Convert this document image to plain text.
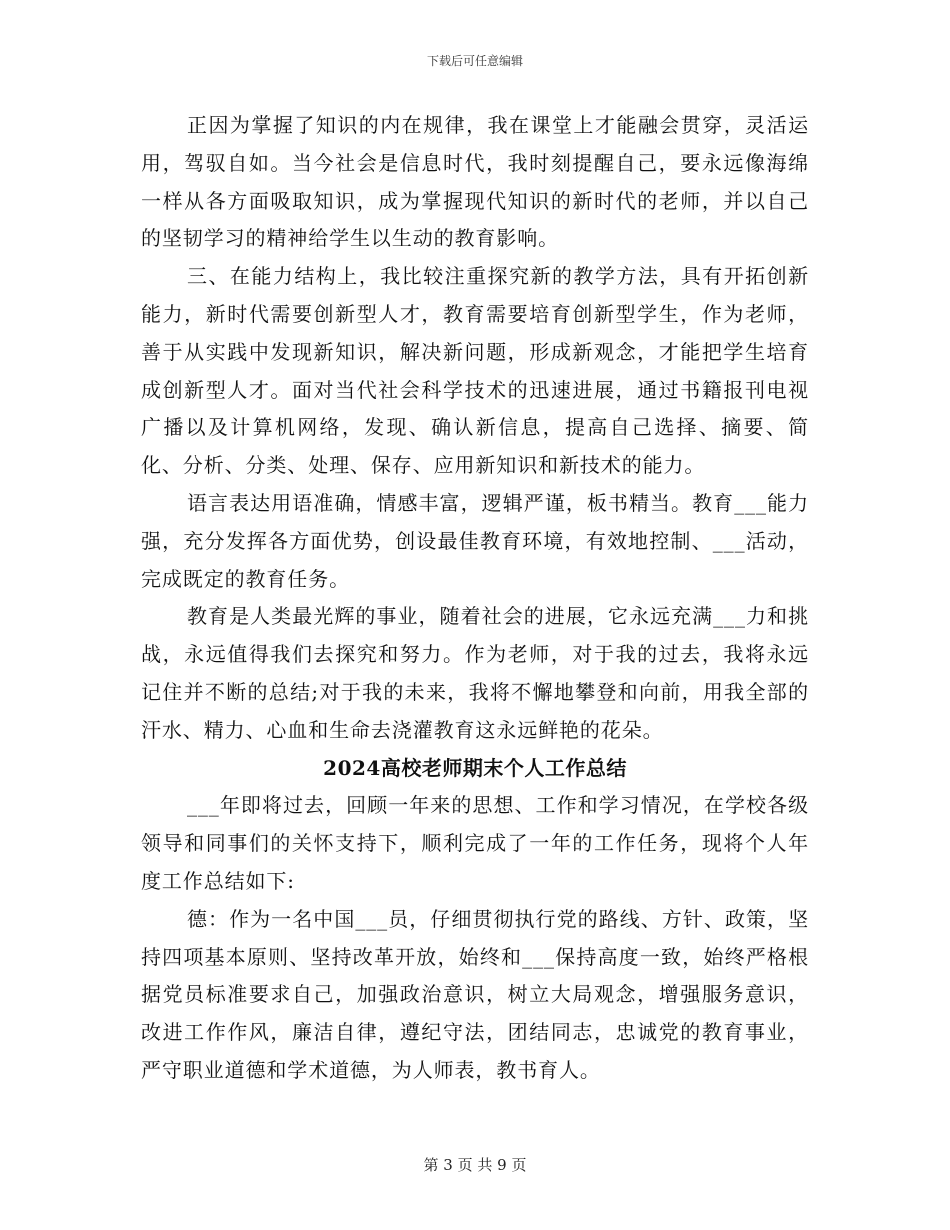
下载后可任意编辑

正因为掌握了知识的内在规律，我在课堂上才能融会贯穿，灵活运用，驾驭自如。当今社会是信息时代，我时刻提醒自己，要永远像海绵一样从各方面吸取知识，成为掌握现代知识的新时代的老师，并以自己的坚韧学习的精神给学生以生动的教育影响。

三、在能力结构上，我比较注重探究新的教学方法，具有开拓创新能力，新时代需要创新型人才，教育需要培育创新型学生，作为老师，善于从实践中发现新知识，解决新问题，形成新观念，才能把学生培育成创新型人才。面对当代社会科学技术的迅速进展，通过书籍报刊电视广播以及计算机网络，发现、确认新信息，提高自己选择、摘要、简化、分析、分类、处理、保存、应用新知识和新技术的能力。

语言表达用语准确，情感丰富，逻辑严谨，板书精当。教育___能力强，充分发挥各方面优势，创设最佳教育环境，有效地控制、___活动，完成既定的教育任务。

教育是人类最光辉的事业，随着社会的进展，它永远充满___力和挑战，永远值得我们去探究和努力。作为老师，对于我的过去，我将永远记住并不断的总结;对于我的未来，我将不懈地攀登和向前，用我全部的汗水、精力、心血和生命去浇灌教育这永远鲜艳的花朵。

2024高校老师期末个人工作总结

___年即将过去，回顾一年来的思想、工作和学习情况，在学校各级领导和同事们的关怀支持下，顺利完成了一年的工作任务，现将个人年度工作总结如下:

德：作为一名中国___员，仔细贯彻执行党的路线、方针、政策，坚持四项基本原则、坚持改革开放，始终和___保持高度一致，始终严格根据党员标准要求自己，加强政治意识，树立大局观念，增强服务意识，改进工作作风，廉洁自律，遵纪守法，团结同志，忠诚党的教育事业，严守职业道德和学术道德，为人师表，教书育人。

第 3 页 共 9 页
